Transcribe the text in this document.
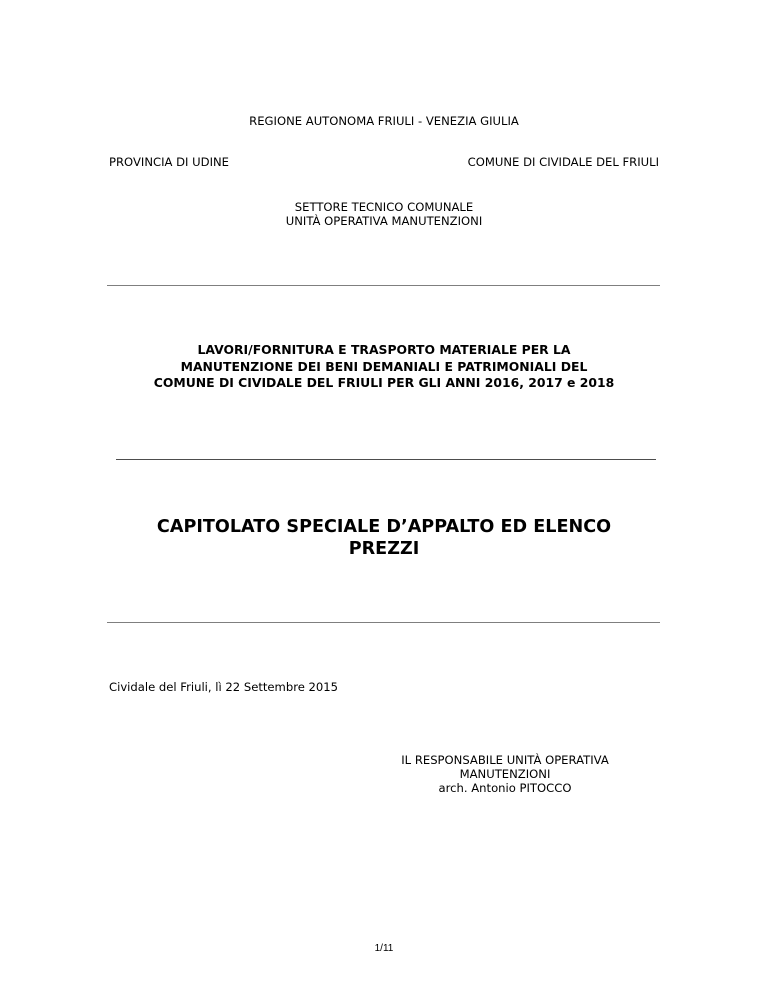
REGIONE AUTONOMA FRIULI - VENEZIA GIULIA
PROVINCIA DI UDINE	COMUNE DI CIVIDALE DEL FRIULI
SETTORE TECNICO COMUNALE
UNITÀ OPERATIVA MANUTENZIONI
LAVORI/FORNITURA E TRASPORTO MATERIALE PER LA
MANUTENZIONE DEI BENI DEMANIALI E PATRIMONIALI DEL
COMUNE DI CIVIDALE DEL FRIULI PER GLI ANNI 2016, 2017 e 2018
CAPITOLATO SPECIALE D’APPALTO ED ELENCO
PREZZI
Cividale del Friuli, lì 22 Settembre 2015
IL RESPONSABILE UNITÀ OPERATIVA
MANUTENZIONI
arch. Antonio PITOCCO
1/11
